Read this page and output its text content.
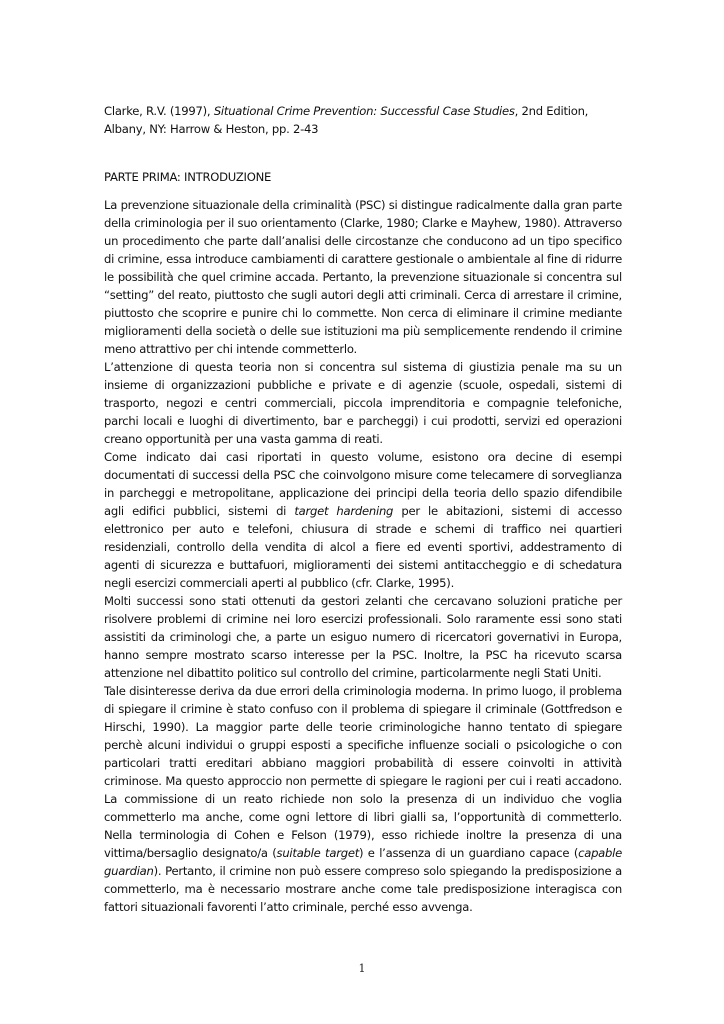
Clarke, R.V. (1997), Situational Crime Prevention: Successful Case Studies, 2nd Edition, Albany, NY: Harrow & Heston, pp. 2-43

PARTE PRIMA: INTRODUZIONE

La prevenzione situazionale della criminalità (PSC) si distingue radicalmente dalla gran parte della criminologia per il suo orientamento (Clarke, 1980; Clarke e Mayhew, 1980). Attraverso un procedimento che parte dall’analisi delle circostanze che conducono ad un tipo specifico di crimine, essa introduce cambiamenti di carattere gestionale o ambientale al fine di ridurre le possibilità che quel crimine accada. Pertanto, la prevenzione situazionale si concentra sul “setting” del reato, piuttosto che sugli autori degli atti criminali. Cerca di arrestare il crimine, piuttosto che scoprire e punire chi lo commette. Non cerca di eliminare il crimine mediante miglioramenti della società o delle sue istituzioni ma più semplicemente rendendo il crimine meno attrattivo per chi intende commetterlo.

L’attenzione di questa teoria non si concentra sul sistema di giustizia penale ma su un insieme di organizzazioni pubbliche e private e di agenzie (scuole, ospedali, sistemi di trasporto, negozi e centri commerciali, piccola imprenditoria e compagnie telefoniche, parchi locali e luoghi di divertimento, bar e parcheggi) i cui prodotti, servizi ed operazioni creano opportunità per una vasta gamma di reati.

Come indicato dai casi riportati in questo volume, esistono ora decine di esempi documentati di successi della PSC che coinvolgono misure come telecamere di sorveglianza in parcheggi e metropolitane, applicazione dei principi della teoria dello spazio difendibile agli edifici pubblici, sistemi di target hardening per le abitazioni, sistemi di accesso elettronico per auto e telefoni, chiusura di strade e schemi di traffico nei quartieri residenziali, controllo della vendita di alcol a fiere ed eventi sportivi, addestramento di agenti di sicurezza e buttafuori, miglioramenti dei sistemi antitaccheggio e di schedatura negli esercizi commerciali aperti al pubblico (cfr. Clarke, 1995).

Molti successi sono stati ottenuti da gestori zelanti che cercavano soluzioni pratiche per risolvere problemi di crimine nei loro esercizi professionali. Solo raramente essi sono stati assistiti da criminologi che, a parte un esiguo numero di ricercatori governativi in Europa, hanno sempre mostrato scarso interesse per la PSC. Inoltre, la PSC ha ricevuto scarsa attenzione nel dibattito politico sul controllo del crimine, particolarmente negli Stati Uniti.

Tale disinteresse deriva da due errori della criminologia moderna. In primo luogo, il problema di spiegare il crimine è stato confuso con il problema di spiegare il criminale (Gottfredson e Hirschi, 1990). La maggior parte delle teorie criminologiche hanno tentato di spiegare perchè alcuni individui o gruppi esposti a specifiche influenze sociali o psicologiche o con particolari tratti ereditari abbiano maggiori probabilità di essere coinvolti in attività criminose. Ma questo approccio non permette di spiegare le ragioni per cui i reati accadono. La commissione di un reato richiede non solo la presenza di un individuo che voglia commetterlo ma anche, come ogni lettore di libri gialli sa, l’opportunità di commetterlo. Nella terminologia di Cohen e Felson (1979), esso richiede inoltre la presenza di una vittima/bersaglio designato/a (suitable target) e l’assenza di un guardiano capace (capable guardian). Pertanto, il crimine non può essere compreso solo spiegando la predisposizione a commetterlo, ma è necessario mostrare anche come tale predisposizione interagisca con fattori situazionali favorenti l’atto criminale, perché esso avvenga.

1
